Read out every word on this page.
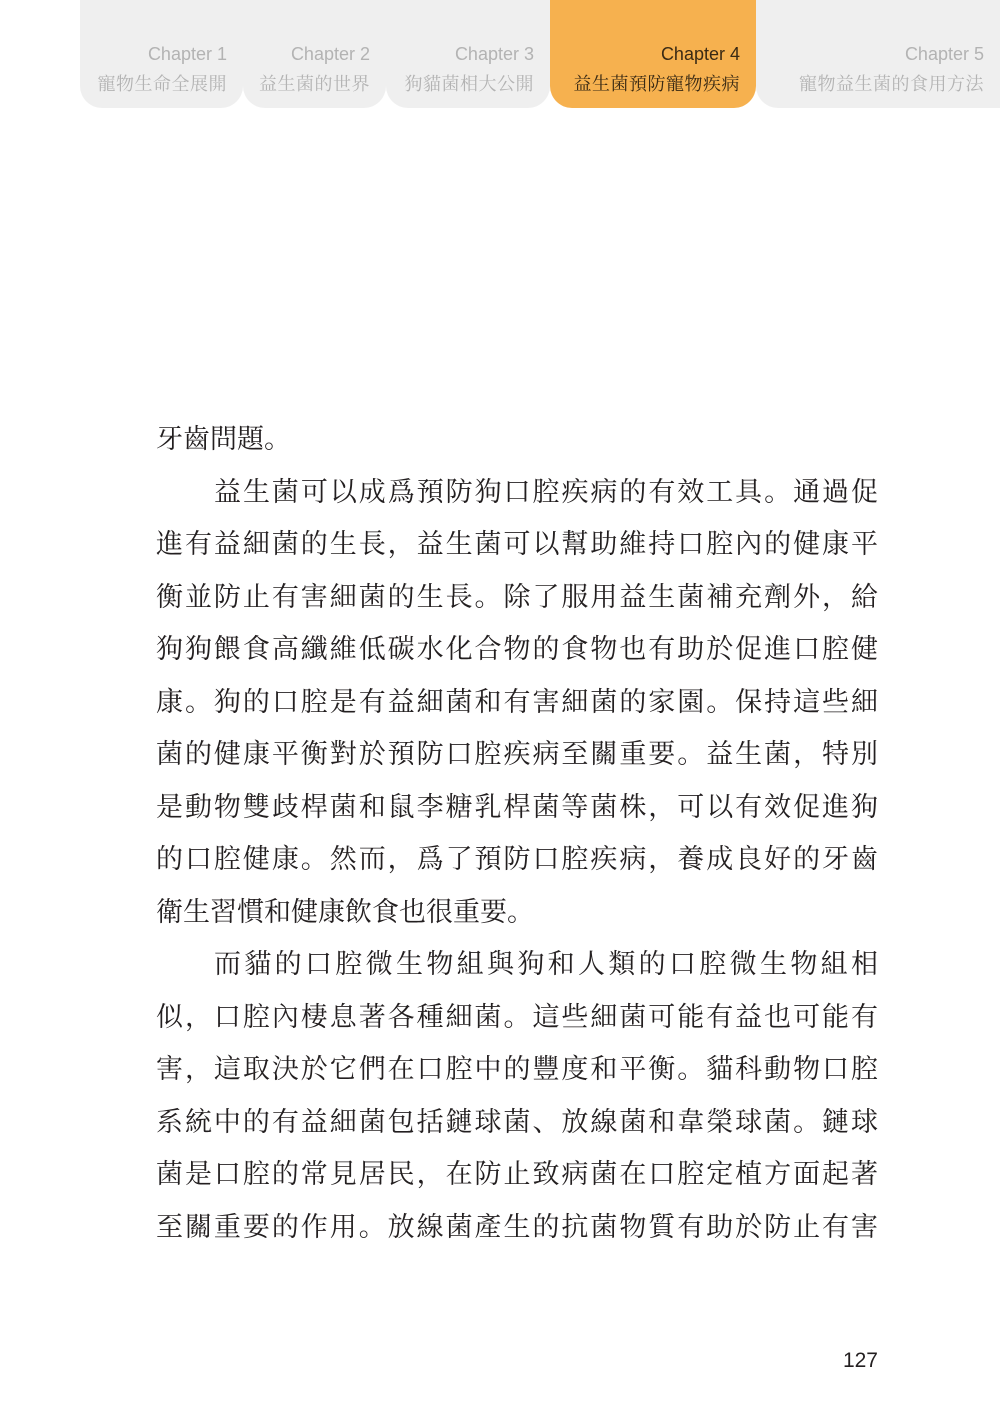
Chapter 1
寵物生命全展開
Chapter 2
益生菌的世界
Chapter 3
狗貓菌相大公開
Chapter 4
益生菌預防寵物疾病
Chapter 5
寵物益生菌的食用方法
牙齒問題。
益生菌可以成爲預防狗口腔疾病的有效工具。通過促
進有益細菌的生長，益生菌可以幫助維持口腔內的健康平
衡並防止有害細菌的生長。除了服用益生菌補充劑外，給
狗狗餵食高纖維低碳水化合物的食物也有助於促進口腔健
康。狗的口腔是有益細菌和有害細菌的家園。保持這些細
菌的健康平衡對於預防口腔疾病至關重要。益生菌，特別
是動物雙歧桿菌和鼠李糖乳桿菌等菌株，可以有效促進狗
的口腔健康。然而，爲了預防口腔疾病，養成良好的牙齒
衛生習慣和健康飲食也很重要。
而貓的口腔微生物組與狗和人類的口腔微生物組相
似，口腔內棲息著各種細菌。這些細菌可能有益也可能有
害，這取決於它們在口腔中的豐度和平衡。貓科動物口腔
系統中的有益細菌包括鏈球菌、放線菌和韋榮球菌。鏈球
菌是口腔的常見居民，在防止致病菌在口腔定植方面起著
至關重要的作用。放線菌產生的抗菌物質有助於防止有害
127
